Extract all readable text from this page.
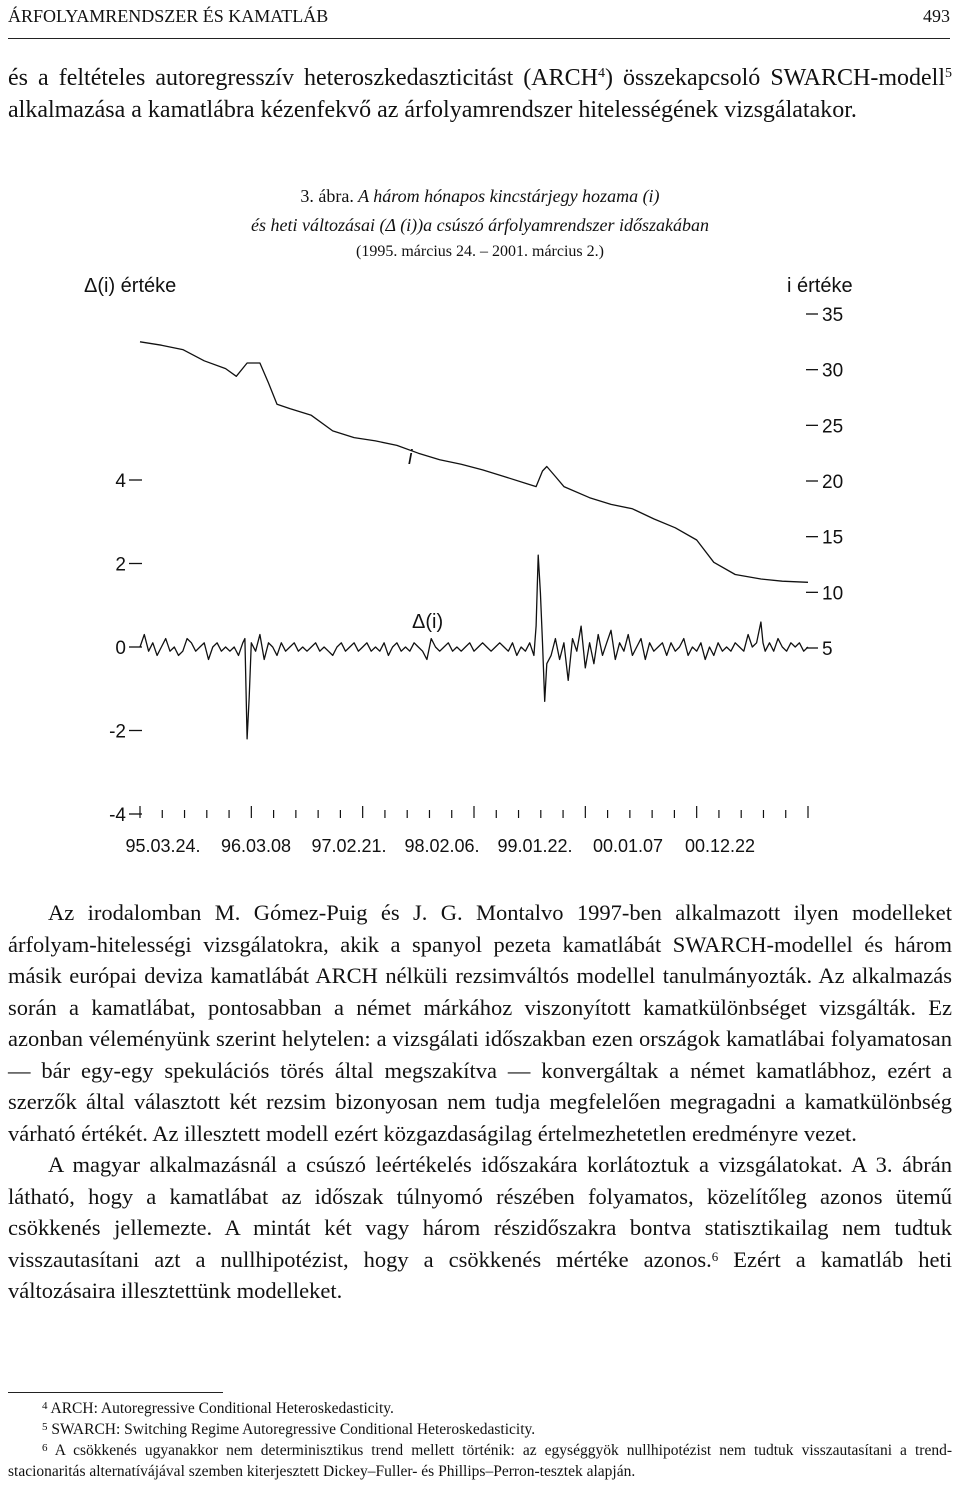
ÁRFOLYAMRENDSZER ÉS KAMATLÁB	493

és a feltételes autoregresszív heteroszkedaszticitást (ARCH$^4$) összekapcsoló SWARCH-modell$^5$ alkalmazása a kamatlábra kézenfekvő az árfolyamrendszer hitelességének vizsgálatakor.

3. ábra. A három hónapos kincstárjegy hozama (i)
és heti változásai (Δ (i))a csúszó árfolyamrendszer időszakában
(1995. március 24. – 2001. március 2.)
Δ(i) értéke	i értéke
4
2
0
-2
-4
35
30
25
20
15
10
5
95.03.24. 96.03.08 97.02.21. 98.02.06. 99.01.22. 00.01.07 00.12.22
i
Δ(i)

Az irodalomban M. Gómez-Puig és J. G. Montalvo 1997-ben alkalmazott ilyen modelleket árfolyam-hitelességi vizsgálatokra, akik a spanyol pezeta kamatlábát SWARCH-modellel és három másik európai deviza kamatlábát ARCH nélküli rezsimváltós modellel tanulmányozták. Az alkalmazás során a kamatlábat, pontosabban a német márkához viszonyított kamatkülönbséget vizsgálták. Ez azonban véleményünk szerint helytelen: a vizsgálati időszakban ezen országok kamatlábai folyamatosan — bár egy-egy spekulációs törés által megszakítva — konvergáltak a német kamatlábhoz, ezért a szerzők által választott két rezsim bizonyosan nem tudja megfelelően megragadni a kamatkülönbség várható értékét. Az illesztett modell ezért közgazdaságilag értelmezhetetlen eredményre vezet.

A magyar alkalmazásnál a csúszó leértékelés időszakára korlátoztuk a vizsgálatokat. A 3. ábrán látható, hogy a kamatlábat az időszak túlnyomó részében folyamatos, közelítőleg azonos ütemű csökkenés jellemezte. A mintát két vagy három részidőszakra bontva statisztikailag nem tudtuk visszautasítani azt a nullhipotézist, hogy a csökkenés mértéke azonos.$^6$ Ezért a kamatláb heti változásaira illesztettünk modelleket.

$^4$ ARCH: Autoregressive Conditional Heteroskedasticity.

$^5$ SWARCH: Switching Regime Autoregressive Conditional Heteroskedasticity.

$^6$ A csökkenés ugyanakkor nem determinisztikus trend mellett történik: az egységgyök nullhipotézist nem tudtuk visszautasítani a trend-stacionaritás alternatívájával szemben kiterjesztett Dickey–Fuller- és Phillips–Perron-tesztek alapján.
